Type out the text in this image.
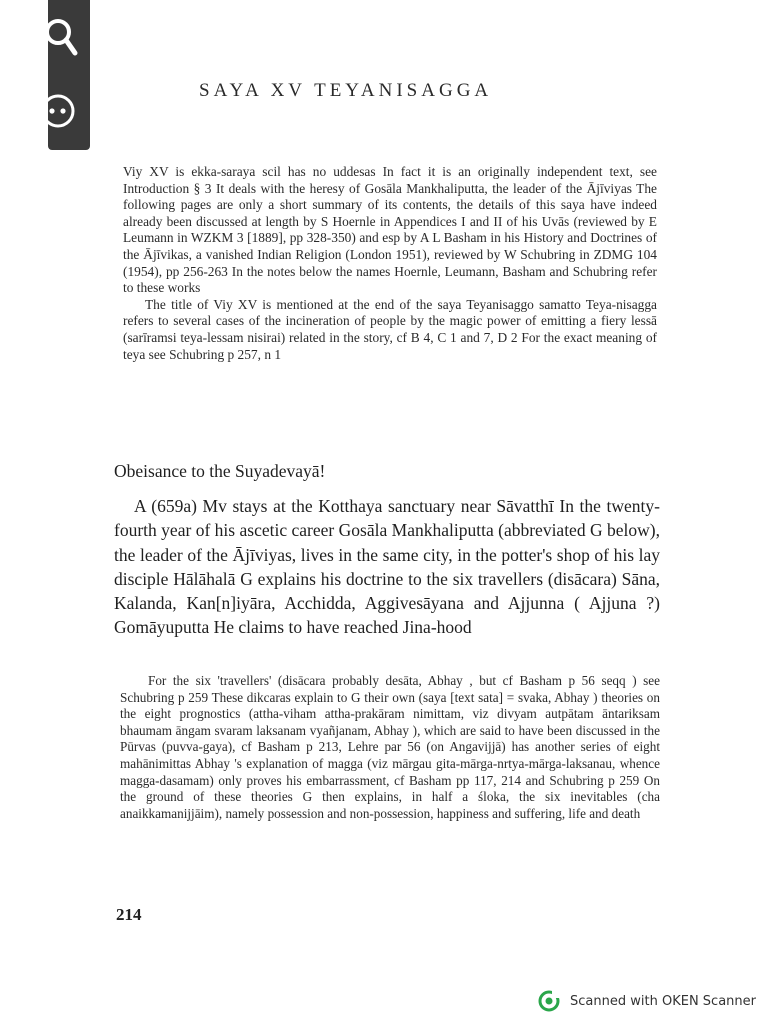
SAYA XV TEYANISAGGA

Viy XV is ekka-saraya scil has no uddesas In fact it is an originally independent text, see Introduction § 3 It deals with the heresy of Gosāla Mankhaliputta, the leader of the Ājīviyas The following pages are only a short summary of its contents, the details of this saya have indeed already been discussed at length by S Hoernle in Appendices I and II of his Uvās (reviewed by E Leumann in WZKM 3 [1889], pp 328-350) and esp by A L Basham in his History and Doctrines of the Ājīvikas, a vanished Indian Religion (London 1951), reviewed by W Schubring in ZDMG 104 (1954), pp 256-263 In the notes below the names Hoernle, Leumann, Basham and Schubring refer to these works

The title of Viy XV is mentioned at the end of the saya Teyanisaggo samatto Teya-nisagga refers to several cases of the incineration of people by the magic power of emitting a fiery lessā (sarīramsi teya-lessam nisirai) related in the story, cf B 4, C 1 and 7, D 2 For the exact meaning of teya see Schubring p 257, n 1

Obeisance to the Suyadevayā!

A (659a) Mv stays at the Kotthaya sanctuary near Sāvatthī In the twenty-fourth year of his ascetic career Gosāla Mankhaliputta (abbreviated G below), the leader of the Ājīviyas, lives in the same city, in the potter's shop of his lay disciple Hālāhalā G explains his doctrine to the six travellers (disācara) Sāna, Kalanda, Kan[n]iyāra, Acchidda, Aggivesāyana and Ajjunna ( Ajjuna ?) Gomāyuputta He claims to have reached Jina-hood

For the six 'travellers' (disācara probably desāta, Abhay , but cf Basham p 56 seqq ) see Schubring p 259 These dikcaras explain to G their own (saya [text sata] = svaka, Abhay ) theories on the eight prognostics (attha-viham attha-prakāram nimittam, viz divyam autpātam āntariksam bhaumam āngam svaram laksanam vyañjanam, Abhay ), which are said to have been discussed in the Pūrvas (puvva-gaya), cf Basham p 213, Lehre par 56 (on Angavijjā) has another series of eight mahānimittas Abhay 's explanation of magga (viz mārgau gita-mārga-nrtya-mārga-laksanau, whence magga-dasamam) only proves his embarrassment, cf Basham pp 117, 214 and Schubring p 259 On the ground of these theories G then explains, in half a śloka, the six inevitables (cha anaikkamanijjāim), namely possession and non-possession, happiness and suffering, life and death

214
Scanned with OKEN Scanner
